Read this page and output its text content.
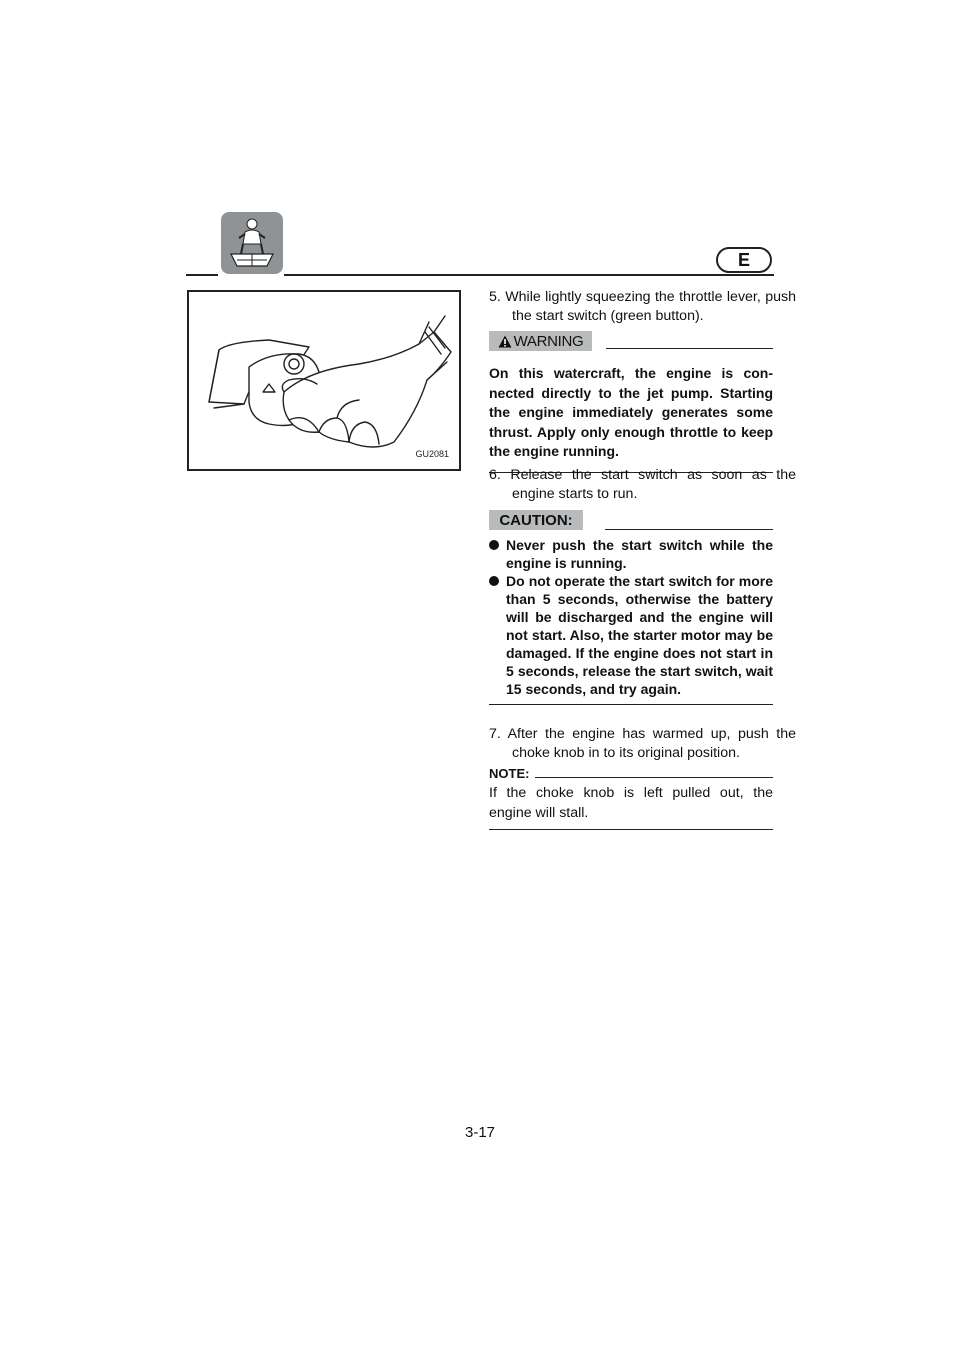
E
GU2081

5. While lightly squeezing the throttle lever, push the start switch (green button).

WARNING

On this watercraft, the engine is con-nected directly to the jet pump. Starting the engine immediately generates some thrust. Apply only enough throttle to keep the engine running.

6. Release the start switch as soon as the engine starts to run.

CAUTION:
Never push the start switch while the engine is running.
Do not operate the start switch for more than 5 seconds, otherwise the battery will be discharged and the engine will not start. Also, the starter motor may be damaged. If the engine does not start in 5 seconds, release the start switch, wait 15 seconds, and try again.

7. After the engine has warmed up, push the choke knob in to its original position.

NOTE:

If the choke knob is left pulled out, the engine will stall.

3-17
